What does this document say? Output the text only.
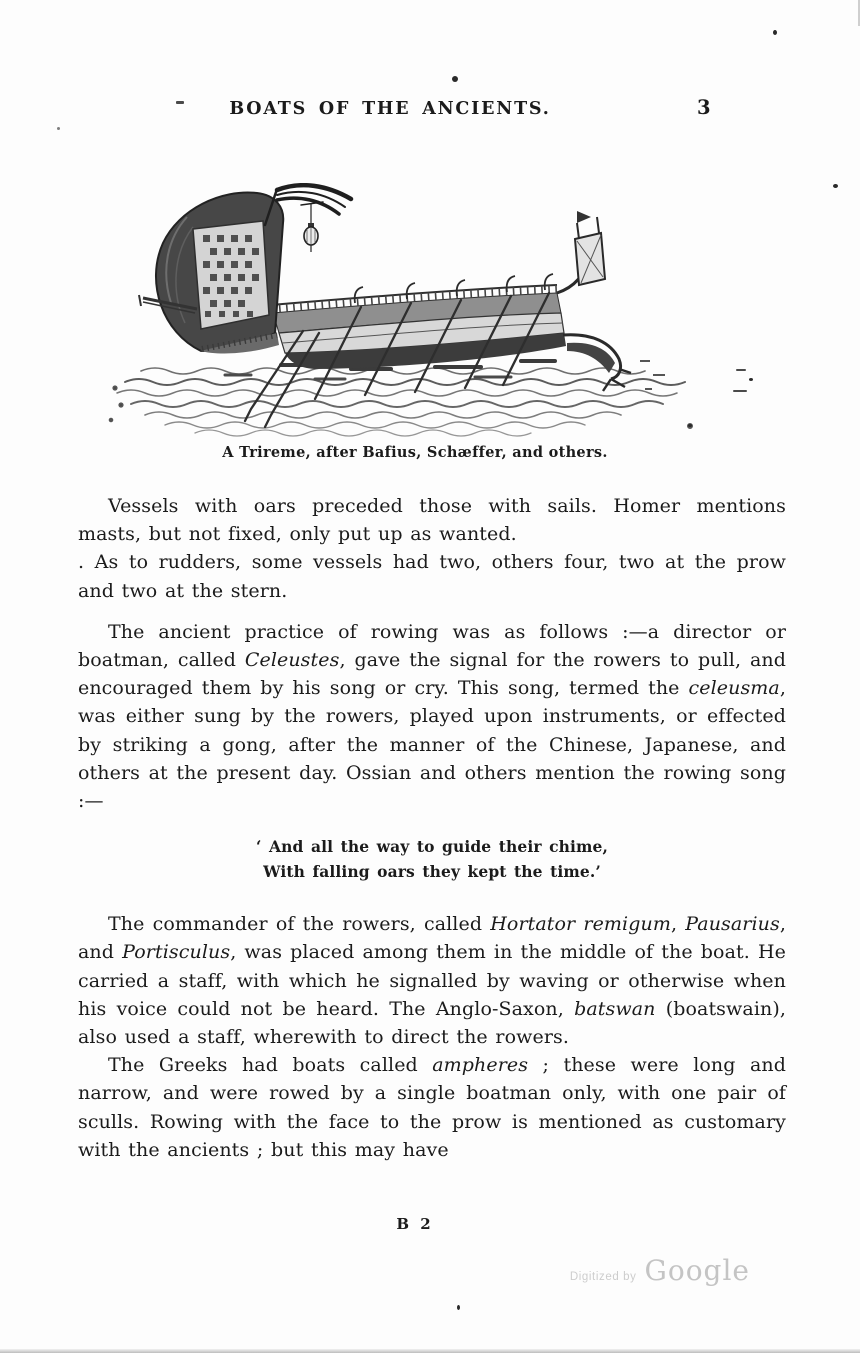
BOATS OF THE ANCIENTS.	3
A Trireme, after Bafius, Schæffer, and others.

Vessels with oars preceded those with sails. Homer mentions masts, but not fixed, only put up as wanted.

. As to rudders, some vessels had two, others four, two at the prow and two at the stern.

The ancient practice of rowing was as follows :—a director or boatman, called Celeustes, gave the signal for the rowers to pull, and encouraged them by his song or cry. This song, termed the celeusma, was either sung by the rowers, played upon instruments, or effected by striking a gong, after the manner of the Chinese, Japanese, and others at the present day. Ossian and others mention the rowing song :—

‘ And all the way to guide their chime,
With falling oars they kept the time.’

The commander of the rowers, called Hortator remigum, Pausarius, and Portisculus, was placed among them in the middle of the boat. He carried a staff, with which he signalled by waving or otherwise when his voice could not be heard. The Anglo-Saxon, batswan (boatswain), also used a staff, wherewith to direct the rowers.

The Greeks had boats called ampheres ; these were long and narrow, and were rowed by a single boatman only, with one pair of sculls. Rowing with the face to the prow is mentioned as customary with the ancients ; but this may have

B 2
Digitized by Google
